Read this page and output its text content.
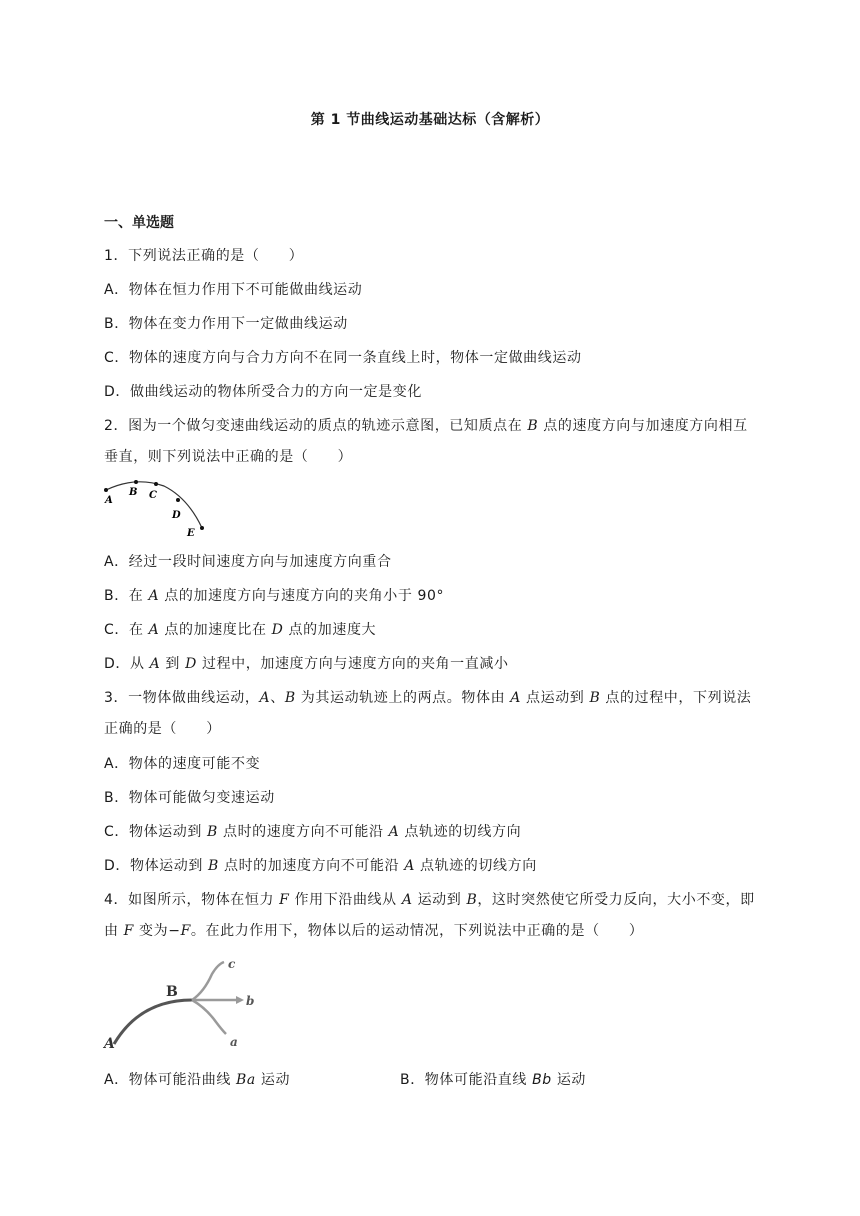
第 1 节曲线运动基础达标（含解析）
一、单选题
1．下列说法正确的是（　　）
A．物体在恒力作用下不可能做曲线运动
B．物体在变力作用下一定做曲线运动
C．物体的速度方向与合力方向不在同一条直线上时，物体一定做曲线运动
D．做曲线运动的物体所受合力的方向一定是变化
2．图为一个做匀变速曲线运动的质点的轨迹示意图，已知质点在 B 点的速度方向与加速度方向相互
垂直，则下列说法中正确的是（　　）
A
B C
D
E
A．经过一段时间速度方向与加速度方向重合
B．在 A 点的加速度方向与速度方向的夹角小于 90°
C．在 A 点的加速度比在 D 点的加速度大
D．从 A 到 D 过程中，加速度方向与速度方向的夹角一直减小
3．一物体做曲线运动，A、B 为其运动轨迹上的两点。物体由 A 点运动到 B 点的过程中，下列说法
正确的是（　　）
A．物体的速度可能不变
B．物体可能做匀变速运动
C．物体运动到 B 点时的速度方向不可能沿 A 点轨迹的切线方向
D．物体运动到 B 点时的加速度方向不可能沿 A 点轨迹的切线方向
4．如图所示，物体在恒力 F 作用下沿曲线从 A 运动到 B，这时突然使它所受力反向，大小不变，即
由 F 变为−F。在此力作用下，物体以后的运动情况，下列说法中正确的是（　　）
A
B
c
b
a
A．物体可能沿曲线 Ba 运动	B．物体可能沿直线 Bb 运动
